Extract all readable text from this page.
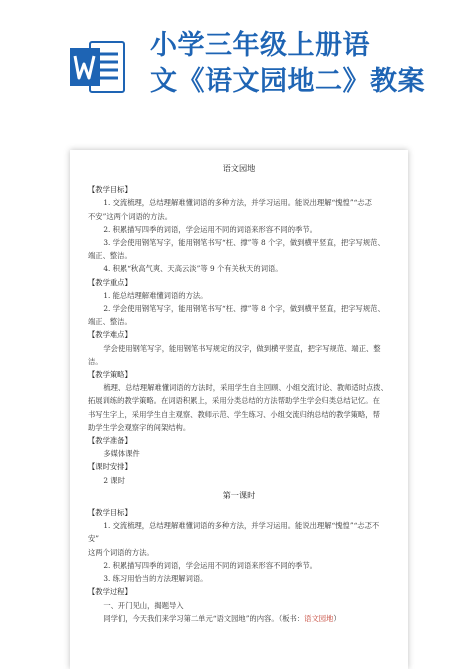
小学三年级上册语
文《语文园地二》教案
语文园地
【教学目标】
1. 交流梳理，总结理解难懂词语的多种方法，并学习运用。能说出理解“愧惶”“忐忑
不安”这两个词语的方法。
2. 积累描写四季的词语，学会运用不同的词语来形容不同的季节。
3. 学会使用钢笔写字，能用钢笔书写“枉、撑”等 8 个字，做到横平竖直，把字写规范、
端正、整洁。
4. 积累“秋高气爽、天高云淡”等 9 个有关秋天的词语。
【教学重点】
1. 能总结理解难懂词语的方法。
2. 学会使用钢笔写字，能用钢笔书写“枉、撑”等 8 个字，做到横平竖直，把字写规范、
端正、整洁。
【教学难点】
学会使用钢笔写字，能用钢笔书写规定的汉字，做到横平竖直，把字写规范、端正、整
洁。
【教学策略】
梳理、总结理解难懂词语的方法时，采用学生自主回顾、小组交流讨论、教师适时点拨、
拓展训练的教学策略。在词语积累上，采用分类总结的方法帮助学生学会归类总结记忆。在
书写生字上，采用学生自主观察、教师示范、学生练习、小组交流归纳总结的教学策略，帮
助学生学会观察字的间架结构。
【教学准备】
多媒体课件
【课时安排】
2 课时
第一课时
【教学目标】
1. 交流梳理，总结理解难懂词语的多种方法，并学习运用。能说出理解“愧惶”“忐忑不安”
这两个词语的方法。
2. 积累描写四季的词语，学会运用不同的词语来形容不同的季节。
3. 练习用恰当的方法理解词语。
【教学过程】
一、开门见山，揭题导入
同学们，今天我们来学习第二单元“语文园地”的内容。（板书：语文园地）
